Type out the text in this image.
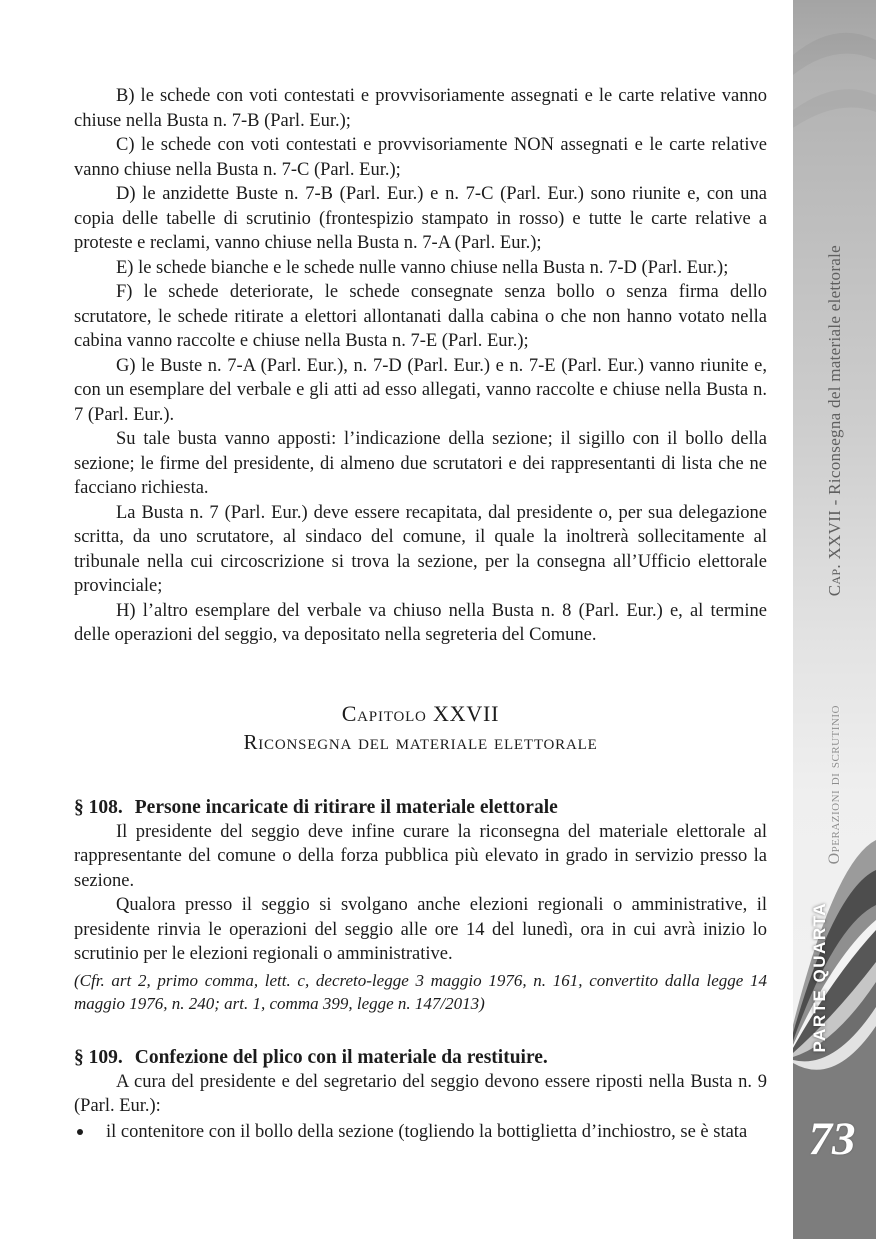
B) le schede con voti contestati e provvisoriamente assegnati e le carte relative vanno chiuse nella Busta n. 7-B (Parl. Eur.);

C) le schede con voti contestati e provvisoriamente NON assegnati e le carte relative vanno chiuse nella Busta n. 7-C (Parl. Eur.);

D) le anzidette Buste n. 7-B (Parl. Eur.) e n. 7-C (Parl. Eur.) sono riunite e, con una copia delle tabelle di scrutinio (frontespizio stampato in rosso) e tutte le carte relative a proteste e reclami, vanno chiuse nella Busta n. 7-A (Parl. Eur.);

E) le schede bianche e le schede nulle vanno chiuse nella Busta n. 7-D (Parl. Eur.);

F) le schede deteriorate, le schede consegnate senza bollo o senza firma dello scrutatore, le schede ritirate a elettori allontanati dalla cabina o che non hanno votato nella cabina vanno raccolte e chiuse nella Busta n. 7-E (Parl. Eur.);

G) le Buste n. 7-A (Parl. Eur.), n. 7-D (Parl. Eur.) e n. 7-E (Parl. Eur.) vanno riunite e, con un esemplare del verbale e gli atti ad esso allegati, vanno raccolte e chiuse nella Busta n. 7 (Parl. Eur.).

Su tale busta vanno apposti: l’indicazione della sezione; il sigillo con il bollo della sezione; le firme del presidente, di almeno due scrutatori e dei rappresentanti di lista che ne facciano richiesta.

La Busta n. 7 (Parl. Eur.) deve essere recapitata, dal presidente o, per sua delegazione scritta, da uno scrutatore, al sindaco del comune, il quale la inoltrerà sollecitamente al tribunale nella cui circoscrizione si trova la sezione, per la consegna all’Ufficio elettorale provinciale;

H) l’altro esemplare del verbale va chiuso nella Busta n. 8 (Parl. Eur.) e, al termine delle operazioni del seggio, va depositato nella segreteria del Comune.

Capitolo XXVII
Riconsegna del materiale elettorale
§ 108. Persone incaricate di ritirare il materiale elettorale

Il presidente del seggio deve infine curare la riconsegna del materiale elettorale al rappresentante del comune o della forza pubblica più elevato in grado in servizio presso la sezione.

Qualora presso il seggio si svolgano anche elezioni regionali o amministrative, il presidente rinvia le operazioni del seggio alle ore 14 del lunedì, ora in cui avrà inizio lo scrutinio per le elezioni regionali o amministrative.

(Cfr. art 2, primo comma, lett. c, decreto-legge 3 maggio 1976, n. 161, convertito dalla legge 14 maggio 1976, n. 240; art. 1, comma 399, legge n. 147/2013)

§ 109. Confezione del plico con il materiale da restituire.

A cura del presidente e del segretario del seggio devono essere riposti nella Busta n. 9 (Parl. Eur.):

il contenitore con il bollo della sezione (togliendo la bottiglietta d’inchiostro, se è stata
Cap. XXVII - Riconsegna del materiale elettorale
Operazioni di scrutinio
PARTE QUARTA
73
